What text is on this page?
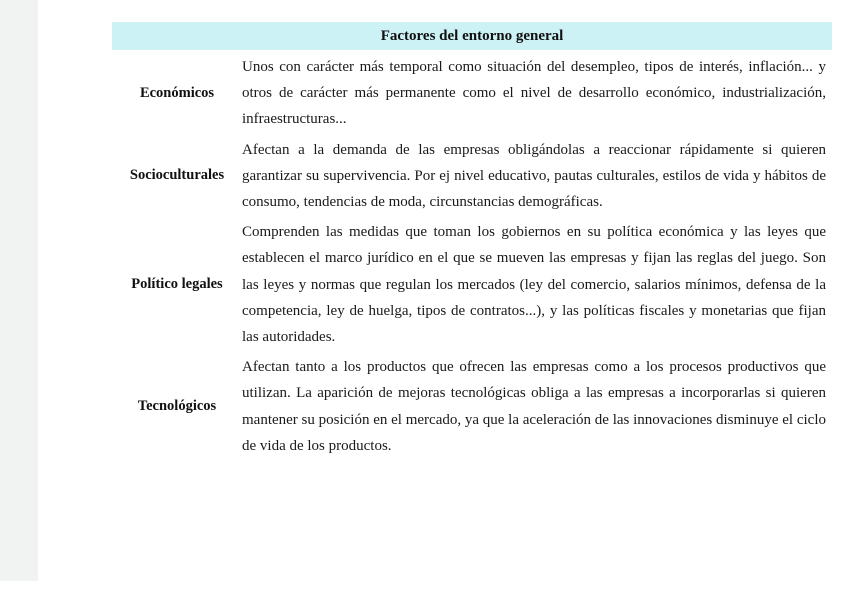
Factores del entorno general
Económicos
Unos con carácter más temporal como situación del desempleo, tipos de interés, inflación... y otros de carácter más permanente como el nivel de desarrollo económico, industrialización, infraestructuras...
Socioculturales
Afectan a la demanda de las empresas obligándolas a reaccionar rápidamente si quieren garantizar su supervivencia. Por ej nivel educativo, pautas culturales, estilos de vida y hábitos de consumo, tendencias de moda, circunstancias demográficas.
Político legales
Comprenden las medidas que toman los gobiernos en su política económica y las leyes que establecen el marco jurídico en el que se mueven las empresas y fijan las reglas del juego. Son las leyes y normas que regulan los mercados (ley del comercio, salarios mínimos, defensa de la competencia, ley de huelga, tipos de contratos...), y las políticas fiscales y monetarias que fijan las autoridades.
Tecnológicos
Afectan tanto a los productos que ofrecen las empresas como a los procesos productivos que utilizan. La aparición de mejoras tecnológicas obliga a las empresas a incorporarlas si quieren mantener su posición en el mercado, ya que la aceleración de las innovaciones disminuye el ciclo de vida de los productos.
